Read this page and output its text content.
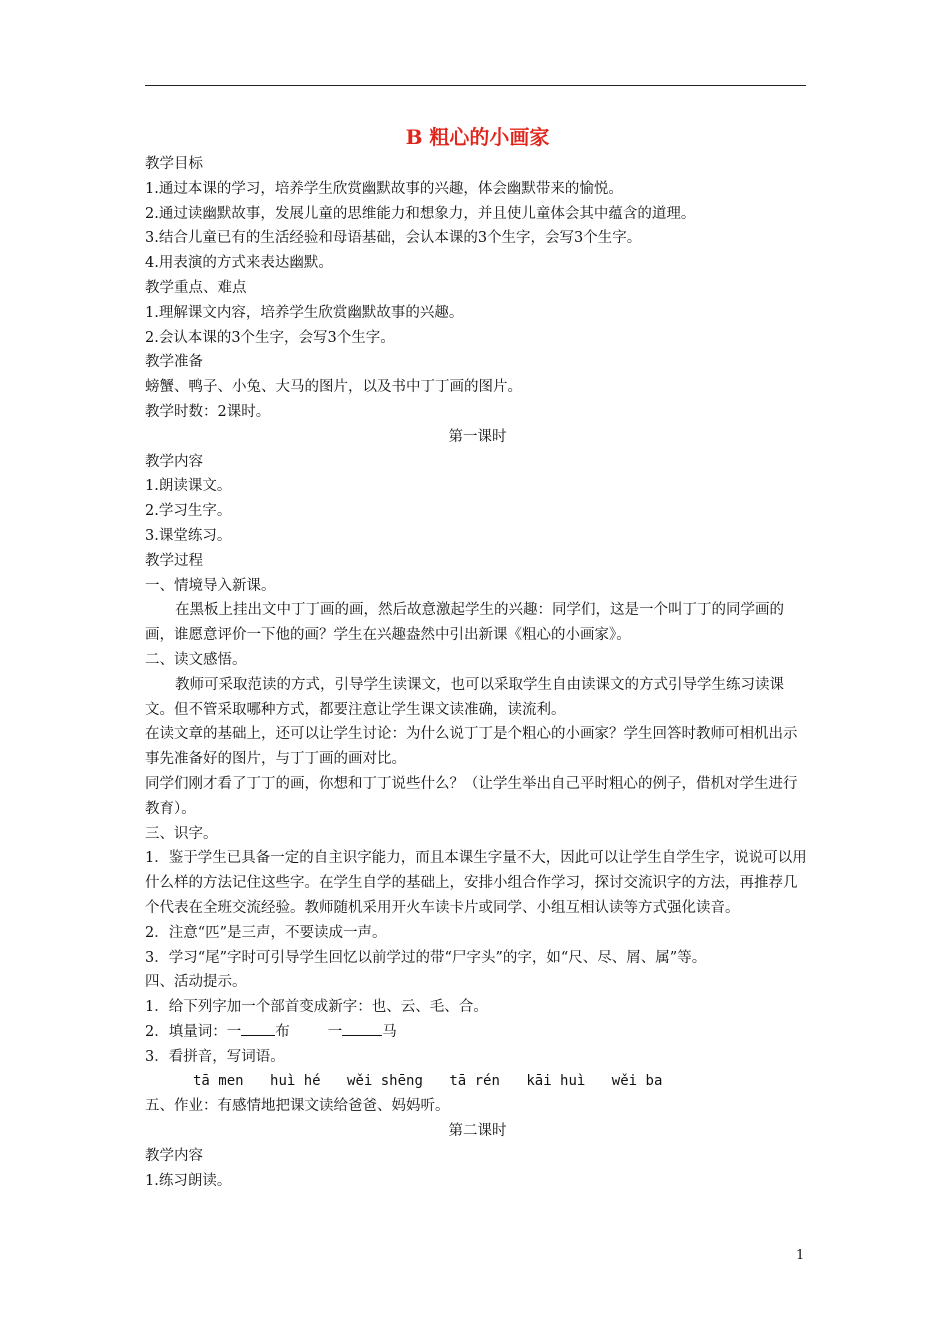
B 粗心的小画家
教学目标
1.通过本课的学习，培养学生欣赏幽默故事的兴趣，体会幽默带来的愉悦。
2.通过读幽默故事，发展儿童的思维能力和想象力，并且使儿童体会其中蕴含的道理。
3.结合儿童已有的生活经验和母语基础，会认本课的3个生字，会写3个生字。
4.用表演的方式来表达幽默。
教学重点、难点
1.理解课文内容，培养学生欣赏幽默故事的兴趣。
2.会认本课的3个生字，会写3个生字。
教学准备
螃蟹、鸭子、小兔、大马的图片，以及书中丁丁画的图片。
教学时数：2课时。
第一课时
教学内容
1.朗读课文。
2.学习生字。
3.课堂练习。
教学过程
一、情境导入新课。
在黑板上挂出文中丁丁画的画，然后故意激起学生的兴趣：同学们，这是一个叫丁丁的同学画的画，谁愿意评价一下他的画？学生在兴趣盎然中引出新课《粗心的小画家》。
二、读文感悟。
教师可采取范读的方式，引导学生读课文，也可以采取学生自由读课文的方式引导学生练习读课文。但不管采取哪种方式，都要注意让学生课文读准确，读流利。
在读文章的基础上，还可以让学生讨论：为什么说丁丁是个粗心的小画家？学生回答时教师可相机出示事先准备好的图片，与丁丁画的画对比。
同学们刚才看了丁丁的画，你想和丁丁说些什么？（让学生举出自己平时粗心的例子，借机对学生进行教育）。
三、识字。
1．鉴于学生已具备一定的自主识字能力，而且本课生字量不大，因此可以让学生自学生字，说说可以用什么样的方法记住这些字。在学生自学的基础上，安排小组合作学习，探讨交流识字的方法，再推荐几个代表在全班交流经验。教师随机采用开火车读卡片或同学、小组互相认读等方式强化读音。
2．注意“匹”是三声，不要读成一声。
3．学习“尾”字时可引导学生回忆以前学过的带“尸字头”的字，如“尺、尽、屑、属”等。
四、活动提示。
1．给下列字加一个部首变成新字：也、云、毛、合。
2．填量词：一 布	一	马
3．看拼音，写词语。
tā men huì hé wěi shēng tā rén kāi huì wěi ba
五、作业：有感情地把课文读给爸爸、妈妈听。
第二课时
教学内容
1.练习朗读。
1
